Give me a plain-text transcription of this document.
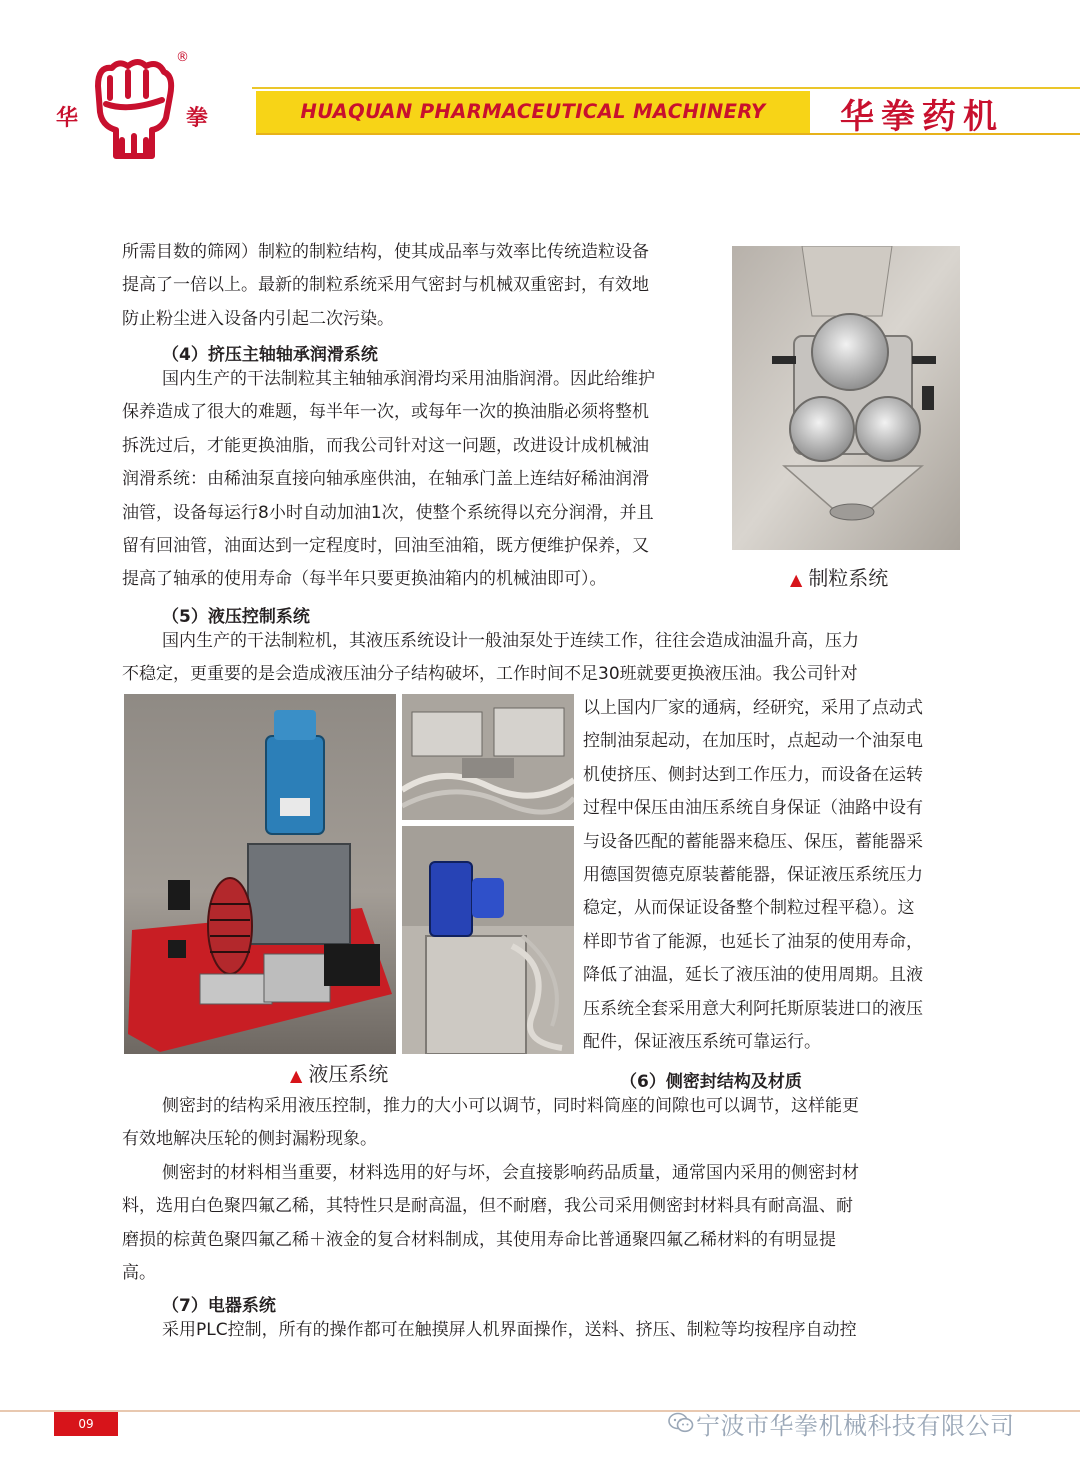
华	拳
®
HUAQUAN PHARMACEUTICAL MACHINERY	华拳药机
所需目数的筛网）制粒的制粒结构，使其成品率与效率比传统造粒设备
提高了一倍以上。最新的制粒系统采用气密封与机械双重密封，有效地
防止粉尘进入设备内引起二次污染。
（4）挤压主轴轴承润滑系统
国内生产的干法制粒其主轴轴承润滑均采用油脂润滑。因此给维护
保养造成了很大的难题，每半年一次，或每年一次的换油脂必须将整机
拆洗过后，才能更换油脂，而我公司针对这一问题，改进设计成机械油
润滑系统：由稀油泵直接向轴承座供油，在轴承门盖上连结好稀油润滑
油管，设备每运行8小时自动加油1次，使整个系统得以充分润滑，并且
留有回油管，油面达到一定程度时，回油至油箱，既方便维护保养，又
提高了轴承的使用寿命（每半年只要更换油箱内的机械油即可）。	▲ 制粒系统
（5）液压控制系统
国内生产的干法制粒机，其液压系统设计一般油泵处于连续工作，往往会造成油温升高，压力
不稳定，更重要的是会造成液压油分子结构破坏，工作时间不足30班就要更换液压油。我公司针对
以上国内厂家的通病，经研究，采用了点动式
控制油泵起动，在加压时，点起动一个油泵电
机使挤压、侧封达到工作压力，而设备在运转
过程中保压由油压系统自身保证（油路中设有
与设备匹配的蓄能器来稳压、保压，蓄能器采
用德国贺德克原装蓄能器，保证液压系统压力
稳定，从而保证设备整个制粒过程平稳）。这
样即节省了能源，也延长了油泵的使用寿命，
降低了油温，延长了液压油的使用周期。且液
压系统全套采用意大利阿托斯原装进口的液压
配件，保证液压系统可靠运行。
▲ 液压系统	（6）侧密封结构及材质
侧密封的结构采用液压控制，推力的大小可以调节，同时料筒座的间隙也可以调节，这样能更
有效地解决压轮的侧封漏粉现象。
侧密封的材料相当重要，材料选用的好与坏，会直接影响药品质量，通常国内采用的侧密封材
料，选用白色聚四氟乙稀，其特性只是耐高温，但不耐磨，我公司采用侧密封材料具有耐高温、耐
磨损的棕黄色聚四氟乙稀＋液金的复合材料制成，其使用寿命比普通聚四氟乙稀材料的有明显提
高。
（7）电器系统
采用PLC控制，所有的操作都可在触摸屏人机界面操作，送料、挤压、制粒等均按程序自动控
09	宁波市华拳机械科技有限公司
